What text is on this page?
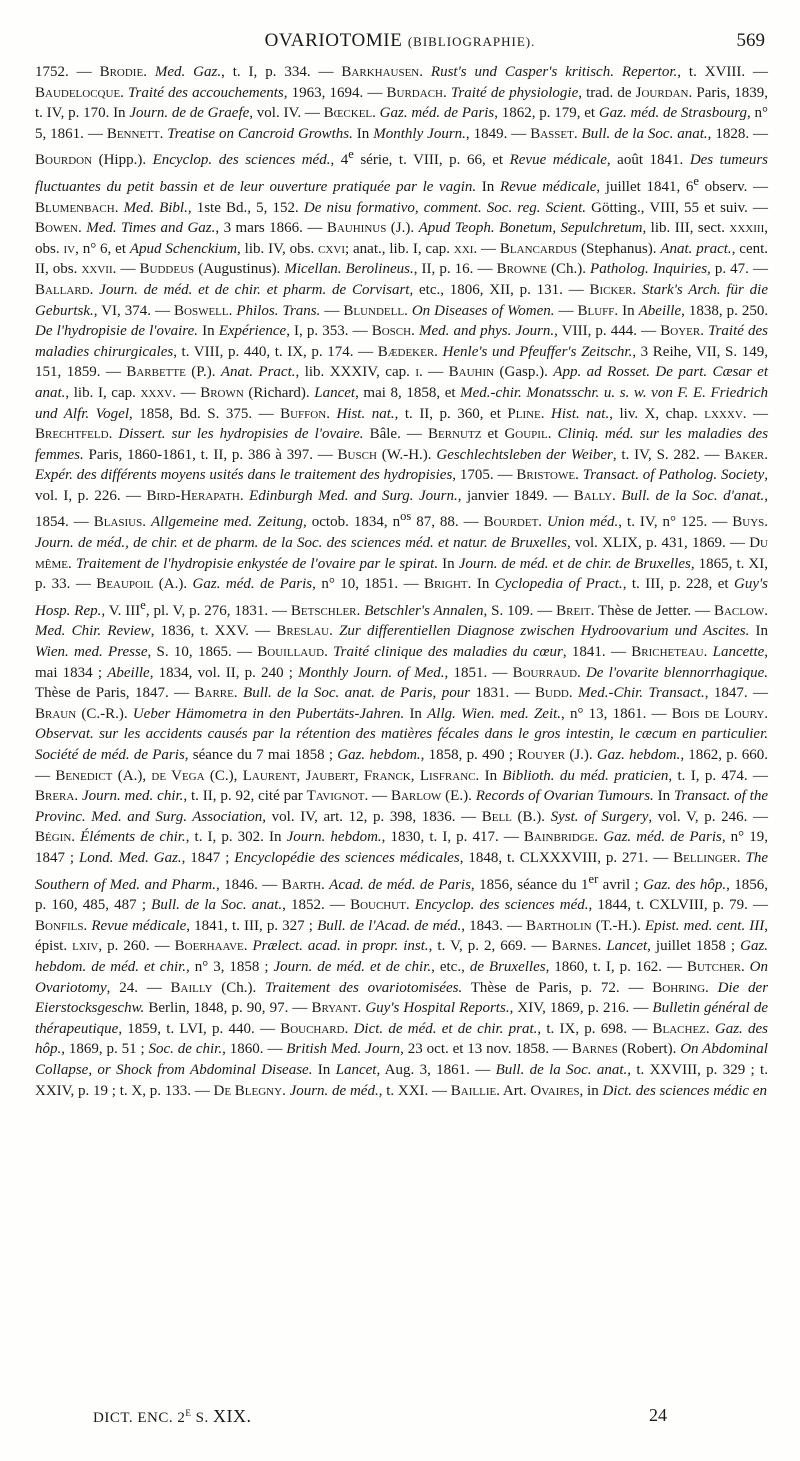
OVARIOTOMIE (BIBLIOGRAPHIE).	569

1752. — Brodie. Med. Gaz., t. I, p. 334. — Barkhausen. Rust's und Casper's kritisch. Repertor., t. XVIII. — Baudelocque. Traité des accouchements, 1963, 1694. — Burdach. Traité de physiologie, trad. de Jourdan. Paris, 1839, t. IV, p. 170. In Journ. de de Graefe, vol. IV. — Bœckel. Gaz. méd. de Paris, 1862, p. 179, et Gaz. méd. de Strasbourg, n° 5, 1861. — Bennett. Treatise on Cancroid Growths. In Monthly Journ., 1849. — Basset. Bull. de la Soc. anat., 1828. — Bourdon (Hipp.). Encyclop. des sciences méd., 4e série, t. VIII, p. 66, et Revue médicale, août 1841. Des tumeurs fluctuantes du petit bassin et de leur ouverture pratiquée par le vagin. In Revue médicale, juillet 1841, 6e observ. — Blumenbach. Med. Bibl., 1ste Bd., 5, 152. De nisu formativo, comment. Soc. reg. Scient. Götting., VIII, 55 et suiv. — Bowen. Med. Times and Gaz., 3 mars 1866. — Bauhinus (J.). Apud Teoph. Bonetum, Sepulchretum, lib. III, sect. xxxiii, obs. iv, n° 6, et Apud Schenckium, lib. IV, obs. cxvi; anat., lib. I, cap. xxi. — Blancardus (Stephanus). Anat. pract., cent. II, obs. xxvii. — Buddeus (Augustinus). Micellan. Berolineus., II, p. 16. — Browne (Ch.). Patholog. Inquiries, p. 47. — Ballard. Journ. de méd. et de chir. et pharm. de Corvisart, etc., 1806, XII, p. 131. — Bicker. Stark's Arch. für die Geburtsk., VI, 374. — Boswell. Philos. Trans. — Blundell. On Diseases of Women. — Bluff. In Abeille, 1838, p. 250. De l'hydropisie de l'ovaire. In Expérience, I, p. 353. — Bosch. Med. and phys. Journ., VIII, p. 444. — Boyer. Traité des maladies chirurgicales, t. VIII, p. 440, t. IX, p. 174. — Bædeker. Henle's und Pfeuffer's Zeitschr., 3 Reihe, VII, S. 149, 151, 1859. — Barbette (P.). Anat. Pract., lib. XXXIV, cap. i. — Bauhin (Gasp.). App. ad Rosset. De part. Cæsar et anat., lib. I, cap. xxxv. — Brown (Richard). Lancet, mai 8, 1858, et Med.-chir. Monatsschr. u. s. w. von F. E. Friedrich und Alfr. Vogel, 1858, Bd. S. 375. — Buffon. Hist. nat., t. II, p. 360, et Pline. Hist. nat., liv. X, chap. lxxxv. — Brechtfeld. Dissert. sur les hydropisies de l'ovaire. Bâle. — Bernutz et Goupil. Cliniq. méd. sur les maladies des femmes. Paris, 1860-1861, t. II, p. 386 à 397. — Busch (W.-H.). Geschlechtsleben der Weiber, t. IV, S. 282. — Baker. Expér. des différents moyens usités dans le traitement des hydropisies, 1705. — Bristowe. Transact. of Patholog. Society, vol. I, p. 226. — Bird-Herapath. Edinburgh Med. and Surg. Journ., janvier 1849. — Bally. Bull. de la Soc. d'anat., 1854. — Blasius. Allgemeine med. Zeitung, octob. 1834, $n^{os}$ 87, 88. — Bourdet. Union méd., t. IV, n° 125. — Buys. Journ. de méd., de chir. et de pharm. de la Soc. des sciences méd. et natur. de Bruxelles, vol. XLIX, p. 431, 1869. — Du même. Traitement de l'hydropisie enkystée de l'ovaire par le spirat. In Journ. de méd. et de chir. de Bruxelles, 1865, t. XI, p. 33. — Beaupoil (A.). Gaz. méd. de Paris, n° 10, 1851. — Bright. In Cyclopedia of Pract., t. III, p. 228, et Guy's Hosp. Rep., V. IIIe, pl. V, p. 276, 1831. — Betschler. Betschler's Annalen, S. 109. — Breit. Thèse de Jetter. — Baclow. Med. Chir. Review, 1836, t. XXV. — Breslau. Zur differentiellen Diagnose zwischen Hydroovarium und Ascites. In Wien. med. Presse, S. 10, 1865. — Bouillaud. Traité clinique des maladies du cœur, 1841. — Bricheteau. Lancette, mai 1834 ; Abeille, 1834, vol. II, p. 240 ; Monthly Journ. of Med., 1851. — Bourraud. De l'ovarite blennorrhagique. Thèse de Paris, 1847. — Barre. Bull. de la Soc. anat. de Paris, pour 1831. — Budd. Med.-Chir. Transact., 1847. — Braun (C.-R.). Ueber Hämometra in den Pubertäts-Jahren. In Allg. Wien. med. Zeit., n° 13, 1861. — Bois de Loury. Observat. sur les accidents causés par la rétention des matières fécales dans le gros intestin, le cæcum en particulier. Société de méd. de Paris, séance du 7 mai 1858 ; Gaz. hebdom., 1858, p. 490 ; Rouyer (J.). Gaz. hebdom., 1862, p. 660. — Benedict (A.), de Vega (C.), Laurent, Jaubert, Franck, Lisfranc. In Biblioth. du méd. praticien, t. I, p. 474. — Brera. Journ. med. chir., t. II, p. 92, cité par Tavignot. — Barlow (E.). Records of Ovarian Tumours. In Transact. of the Provinc. Med. and Surg. Association, vol. IV, art. 12, p. 398, 1836. — Bell (B.). Syst. of Surgery, vol. V, p. 246. — Bégin. Éléments de chir., t. I, p. 302. In Journ. hebdom., 1830, t. I, p. 417. — Bainbridge. Gaz. méd. de Paris, n° 19, 1847 ; Lond. Med. Gaz., 1847 ; Encyclopédie des sciences médicales, 1848, t. CLXXXVIII, p. 271. — Bellinger. The Southern of Med. and Pharm., 1846. — Barth. Acad. de méd. de Paris, 1856, séance du 1er avril ; Gaz. des hôp., 1856, p. 160, 485, 487 ; Bull. de la Soc. anat., 1852. — Bouchut. Encyclop. des sciences méd., 1844, t. CXLVIII, p. 79. — Bonfils. Revue médicale, 1841, t. III, p. 327 ; Bull. de l'Acad. de méd., 1843. — Bartholin (T.-H.). Epist. med. cent. III, épist. lxiv, p. 260. — Boerhaave. Prælect. acad. in propr. inst., t. V, p. 2, 669. — Barnes. Lancet, juillet 1858 ; Gaz. hebdom. de méd. et chir., n° 3, 1858 ; Journ. de méd. et de chir., etc., de Bruxelles, 1860, t. I, p. 162. — Butcher. On Ovariotomy, 24. — Bailly (Ch.). Traitement des ovariotomisées. Thèse de Paris, p. 72. — Bohring. Die der Eierstocksgeschw. Berlin, 1848, p. 90, 97. — Bryant. Guy's Hospital Reports., XIV, 1869, p. 216. — Bulletin général de thérapeutique, 1859, t. LVI, p. 440. — Bouchard. Dict. de méd. et de chir. prat., t. IX, p. 698. — Blachez. Gaz. des hôp., 1869, p. 51 ; Soc. de chir., 1860. — British Med. Journ, 23 oct. et 13 nov. 1858. — Barnes (Robert). On Abdominal Collapse, or Shock from Abdominal Disease. In Lancet, Aug. 3, 1861. — Bull. de la Soc. anat., t. XXVIII, p. 329 ; t. XXIV, p. 19 ; t. X, p. 133. — De Blegny. Journ. de méd., t. XXI. — Baillie. Art. Ovaires, in Dict. des sciences médic en

DICT. ENC. 2e S. XIX.	24
